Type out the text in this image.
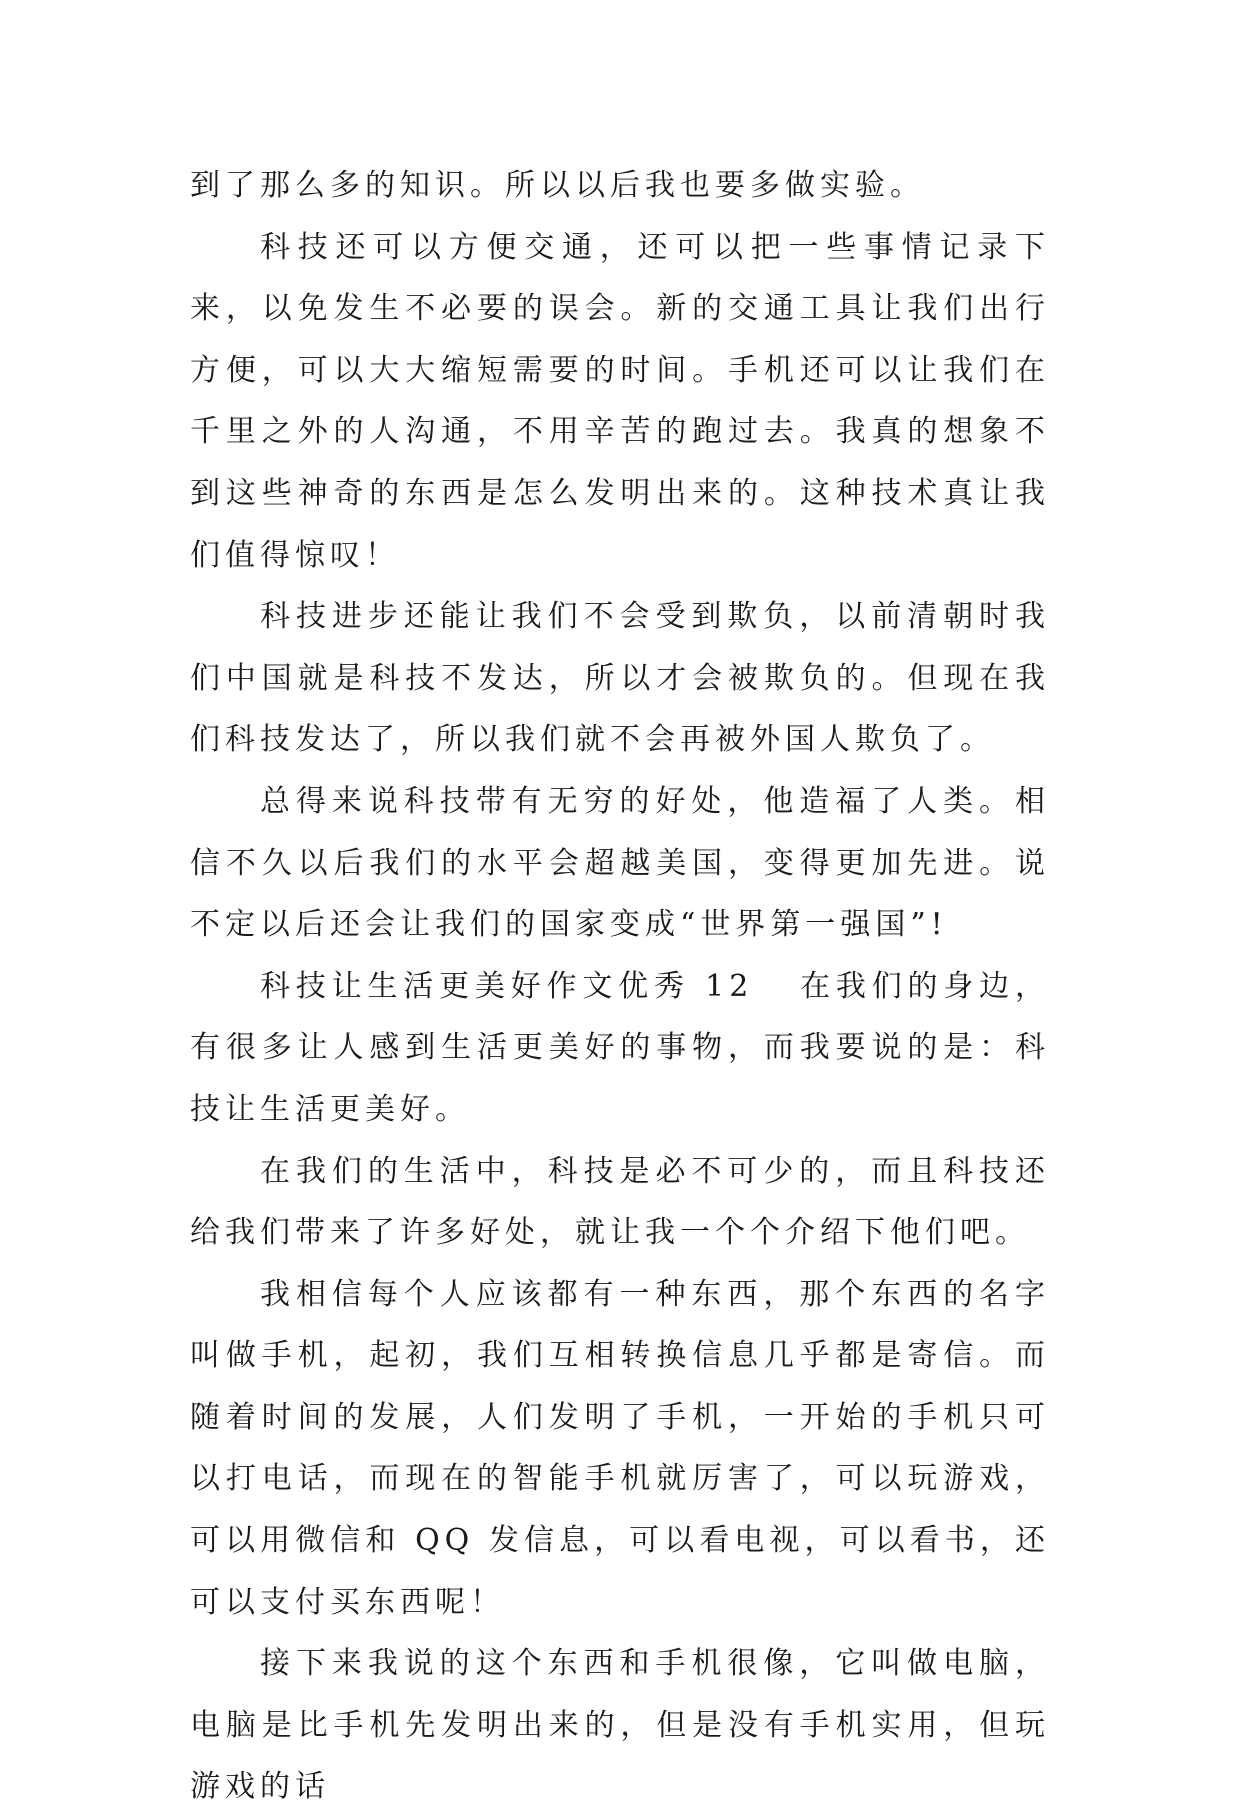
到了那么多的知识。所以以后我也要多做实验。

科技还可以方便交通，还可以把一些事情记录下来，以免发生不必要的误会。新的交通工具让我们出行方便，可以大大缩短需要的时间。手机还可以让我们在千里之外的人沟通，不用辛苦的跑过去。我真的想象不到这些神奇的东西是怎么发明出来的。这种技术真让我们值得惊叹！

科技进步还能让我们不会受到欺负，以前清朝时我们中国就是科技不发达，所以才会被欺负的。但现在我们科技发达了，所以我们就不会再被外国人欺负了。

总得来说科技带有无穷的好处，他造福了人类。相信不久以后我们的水平会超越美国，变得更加先进。说不定以后还会让我们的国家变成“世界第一强国”!

科技让生活更美好作文优秀 12 在我们的身边，有很多让人感到生活更美好的事物，而我要说的是：科技让生活更美好。

在我们的生活中，科技是必不可少的，而且科技还给我们带来了许多好处，就让我一个个介绍下他们吧。

我相信每个人应该都有一种东西，那个东西的名字叫做手机，起初，我们互相转换信息几乎都是寄信。而随着时间的发展，人们发明了手机，一开始的手机只可以打电话，而现在的智能手机就厉害了，可以玩游戏，可以用微信和 QQ 发信息，可以看电视，可以看书，还可以支付买东西呢！

接下来我说的这个东西和手机很像，它叫做电脑，电脑是比手机先发明出来的，但是没有手机实用，但玩游戏的话
